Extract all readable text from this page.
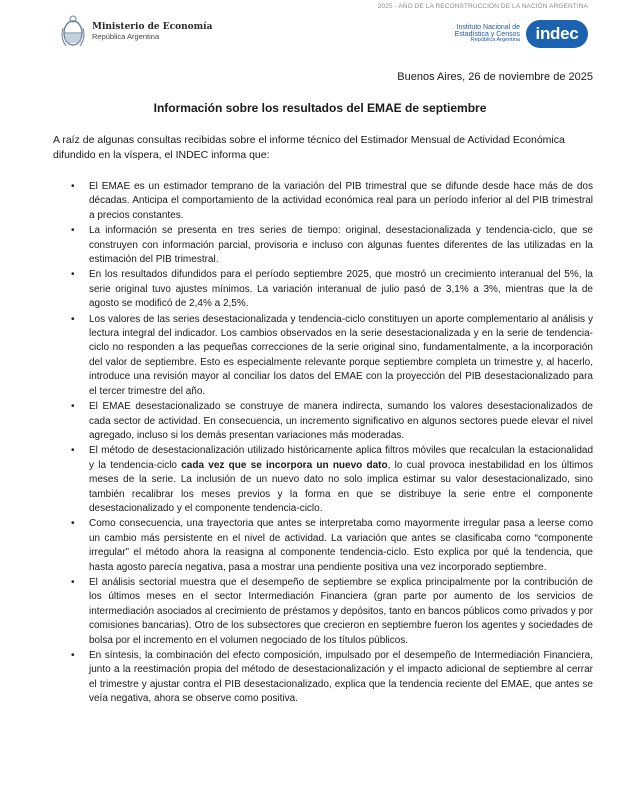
2025 - AÑO DE LA RECONSTRUCCIÓN DE LA NACIÓN ARGENTINA
Ministerio de Economía
República Argentina
Instituto Nacional de
Estadística y Censos
República Argentina indec
Buenos Aires, 26 de noviembre de 2025
Información sobre los resultados del EMAE de septiembre
A raíz de algunas consultas recibidas sobre el informe técnico del Estimador Mensual de Actividad Económica difundido en la víspera, el INDEC informa que:
• El EMAE es un estimador temprano de la variación del PIB trimestral que se difunde desde hace más de dos décadas. Anticipa el comportamiento de la actividad económica real para un período inferior al del PIB trimestral a precios constantes.
• La información se presenta en tres series de tiempo: original, desestacionalizada y tendencia-ciclo, que se construyen con información parcial, provisoria e incluso con algunas fuentes diferentes de las utilizadas en la estimación del PIB trimestral.
• En los resultados difundidos para el período septiembre 2025, que mostró un crecimiento interanual del 5%, la serie original tuvo ajustes mínimos. La variación interanual de julio pasó de 3,1% a 3%, mientras que la de agosto se modificó de 2,4% a 2,5%.
• Los valores de las series desestacionalizada y tendencia-ciclo constituyen un aporte complementario al análisis y lectura integral del indicador. Los cambios observados en la serie desestacionalizada y en la serie de tendencia-ciclo no responden a las pequeñas correcciones de la serie original sino, fundamentalmente, a la incorporación del valor de septiembre. Esto es especialmente relevante porque septiembre completa un trimestre y, al hacerlo, introduce una revisión mayor al conciliar los datos del EMAE con la proyección del PIB desestacionalizado para el tercer trimestre del año.
• El EMAE desestacionalizado se construye de manera indirecta, sumando los valores desestacionalizados de cada sector de actividad. En consecuencia, un incremento significativo en algunos sectores puede elevar el nivel agregado, incluso si los demás presentan variaciones más moderadas.
• El método de desestacionalización utilizado históricamente aplica filtros móviles que recalculan la estacionalidad y la tendencia-ciclo cada vez que se incorpora un nuevo dato, lo cual provoca inestabilidad en los últimos meses de la serie. La inclusión de un nuevo dato no solo implica estimar su valor desestacionalizado, sino también recalibrar los meses previos y la forma en que se distribuye la serie entre el componente desestacionalizado y el componente tendencia-ciclo.
• Como consecuencia, una trayectoria que antes se interpretaba como mayormente irregular pasa a leerse como un cambio más persistente en el nivel de actividad. La variación que antes se clasificaba como “componente irregular” el método ahora la reasigna al componente tendencia-ciclo. Esto explica por qué la tendencia, que hasta agosto parecía negativa, pasa a mostrar una pendiente positiva una vez incorporado septiembre.
• El análisis sectorial muestra que el desempeño de septiembre se explica principalmente por la contribución de los últimos meses en el sector Intermediación Financiera (gran parte por aumento de los servicios de intermediación asociados al crecimiento de préstamos y depósitos, tanto en bancos públicos como privados y por comisiones bancarias). Otro de los subsectores que crecieron en septiembre fueron los agentes y sociedades de bolsa por el incremento en el volumen negociado de los títulos públicos.
• En síntesis, la combinación del efecto composición, impulsado por el desempeño de Intermediación Financiera, junto a la reestimación propia del método de desestacionalización y el impacto adicional de septiembre al cerrar el trimestre y ajustar contra el PIB desestacionalizado, explica que la tendencia reciente del EMAE, que antes se veía negativa, ahora se observe como positiva.
